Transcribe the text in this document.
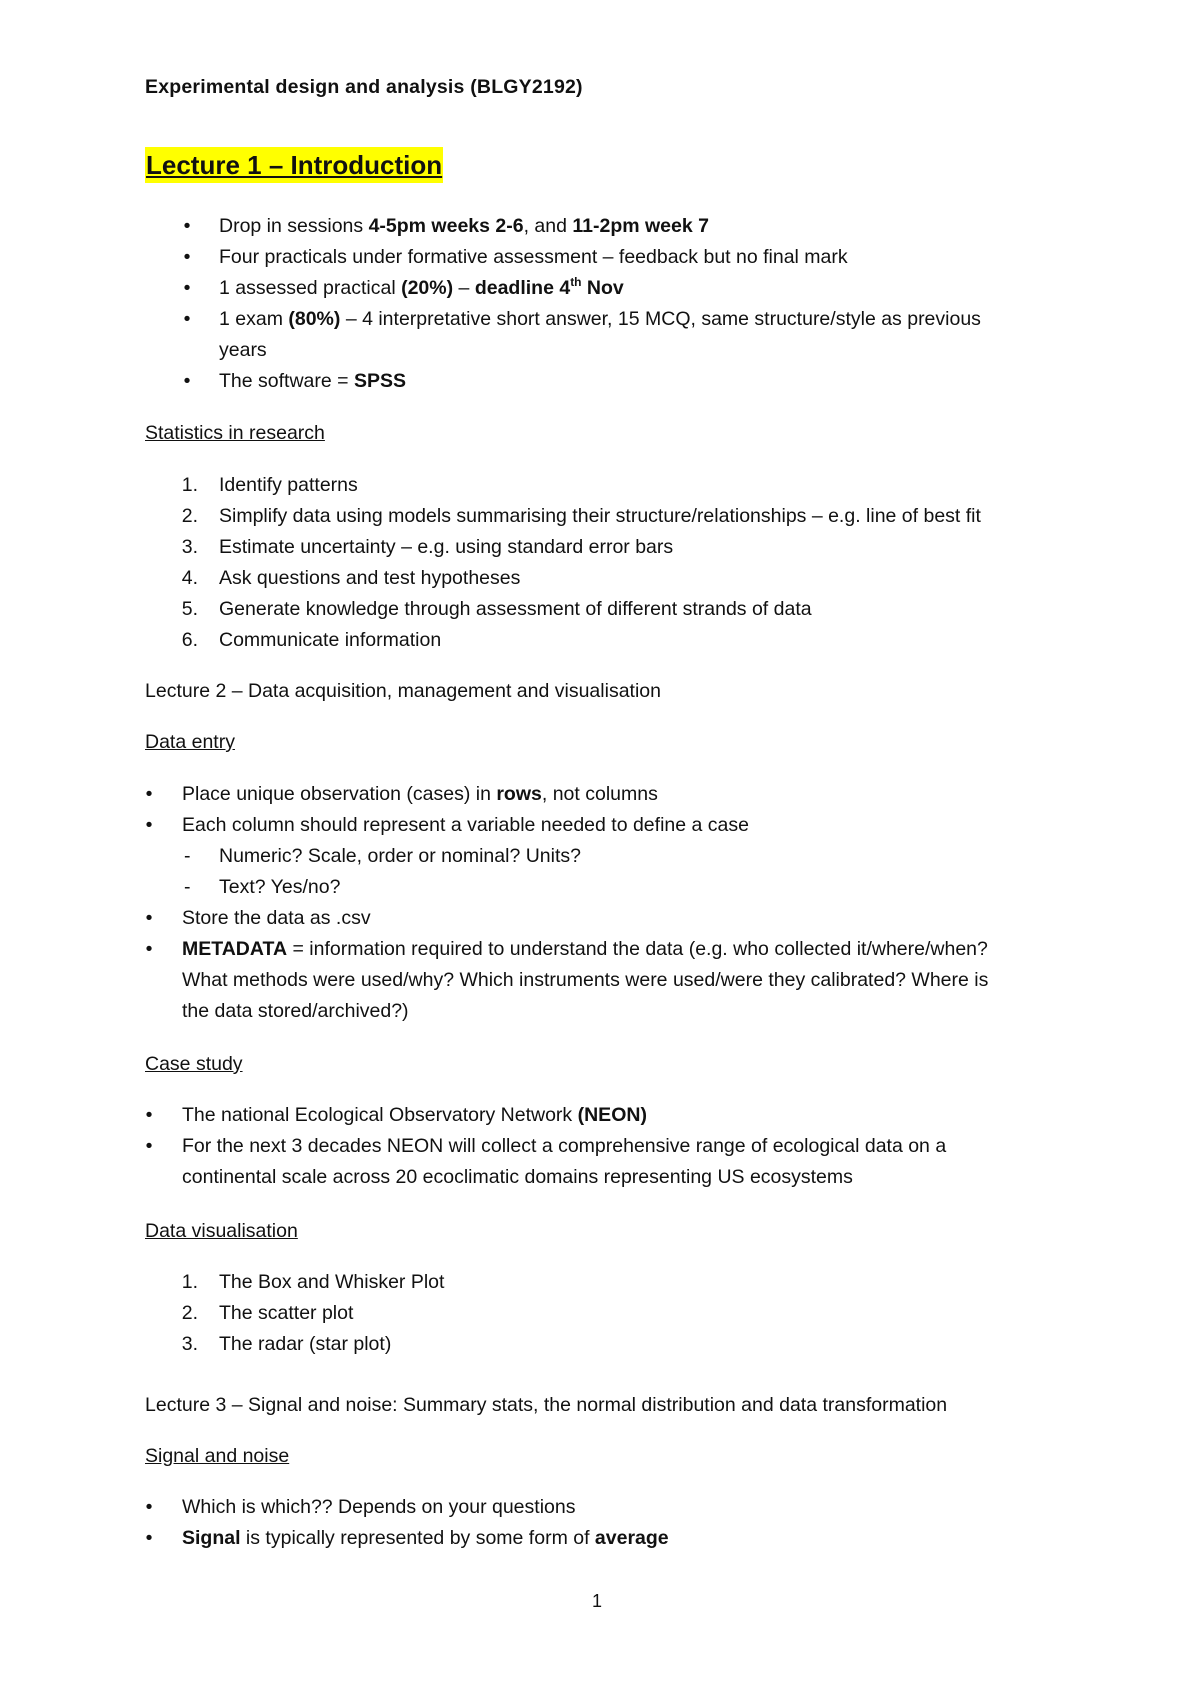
Experimental design and analysis (BLGY2192)
Lecture 1 – Introduction
• Drop in sessions 4-5pm weeks 2-6, and 11-2pm week 7
• Four practicals under formative assessment – feedback but no final mark
• 1 assessed practical (20%) – deadline 4th Nov
• 1 exam (80%) – 4 interpretative short answer, 15 MCQ, same structure/style as previous
years
• The software = SPSS
Statistics in research
1. Identify patterns
2. Simplify data using models summarising their structure/relationships – e.g. line of best fit
3. Estimate uncertainty – e.g. using standard error bars
4. Ask questions and test hypotheses
5. Generate knowledge through assessment of different strands of data
6. Communicate information
Lecture 2 – Data acquisition, management and visualisation
Data entry
• Place unique observation (cases) in rows, not columns
• Each column should represent a variable needed to define a case
- Numeric? Scale, order or nominal? Units?
- Text? Yes/no?
• Store the data as .csv
• METADATA = information required to understand the data (e.g. who collected it/where/when?
What methods were used/why? Which instruments were used/were they calibrated? Where is
the data stored/archived?)
Case study
• The national Ecological Observatory Network (NEON)
• For the next 3 decades NEON will collect a comprehensive range of ecological data on a
continental scale across 20 ecoclimatic domains representing US ecosystems
Data visualisation
1. The Box and Whisker Plot
2. The scatter plot
3. The radar (star plot)
Lecture 3 – Signal and noise: Summary stats, the normal distribution and data transformation
Signal and noise
• Which is which?? Depends on your questions
• Signal is typically represented by some form of average
1
